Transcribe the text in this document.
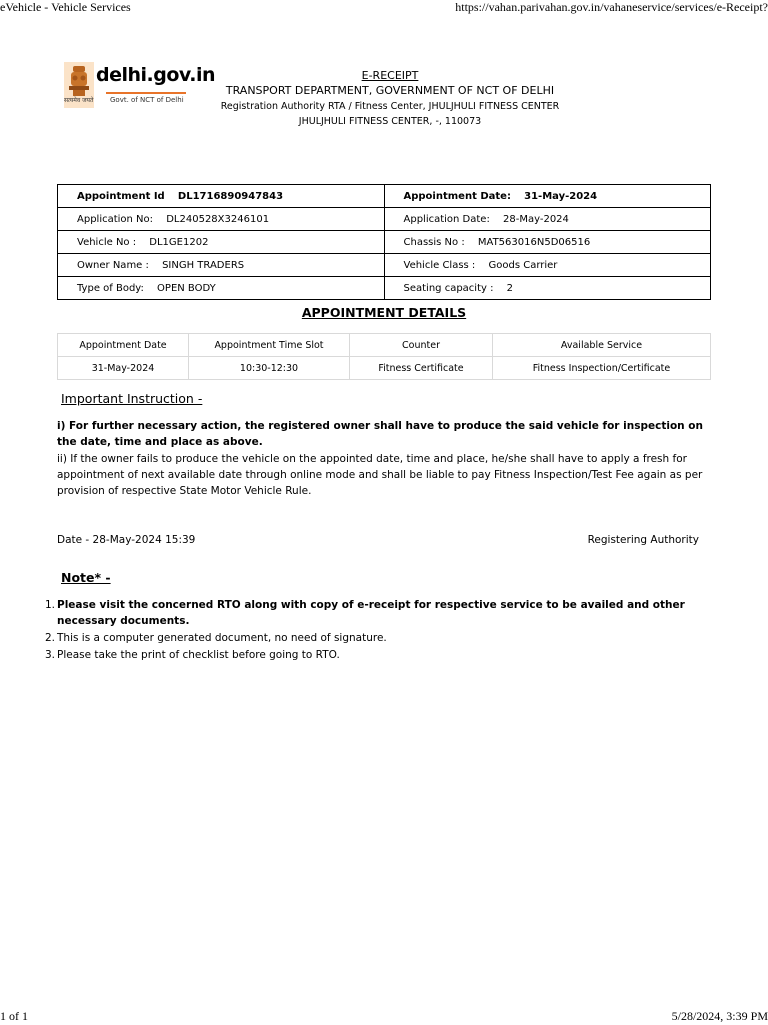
eVehicle - Vehicle Services	https://vahan.parivahan.gov.in/vahaneservice/services/e-Receipt?
delhi.gov.in
सत्यमेव जयते Govt. of NCT of Delhi
E-RECEIPT
TRANSPORT DEPARTMENT, GOVERNMENT OF NCT OF DELHI
Registration Authority RTA / Fitness Center, JHULJHULI FITNESS CENTER
JHULJHULI FITNESS CENTER, -, 110073
Appointment Id DL1716890947843	Appointment Date: 31-May-2024
Application No: DL240528X3246101	Application Date: 28-May-2024
Vehicle No : DL1GE1202	Chassis No : MAT563016N5D06516
Owner Name : SINGH TRADERS	Vehicle Class : Goods Carrier
Type of Body: OPEN BODY	Seating capacity : 2
APPOINTMENT DETAILS
Appointment Date	Appointment Time Slot	Counter	Available Service
31-May-2024	10:30-12:30	Fitness Certificate	Fitness Inspection/Certificate
Important Instruction -

i) For further necessary action, the registered owner shall have to produce the said vehicle for inspection on the date, time and place as above.

ii) If the owner fails to produce the vehicle on the appointed date, time and place, he/she shall have to apply a fresh for appointment of next available date through online mode and shall be liable to pay Fitness Inspection/Test Fee again as per provision of respective State Motor Vehicle Rule.

Date - 28-May-2024 15:39	Registering Authority
Note* -
1. Please visit the concerned RTO along with copy of e-receipt for respective service to be availed and other necessary documents.
2. This is a computer generated document, no need of signature.
3. Please take the print of checklist before going to RTO.
1 of 1	5/28/2024, 3:39 PM
